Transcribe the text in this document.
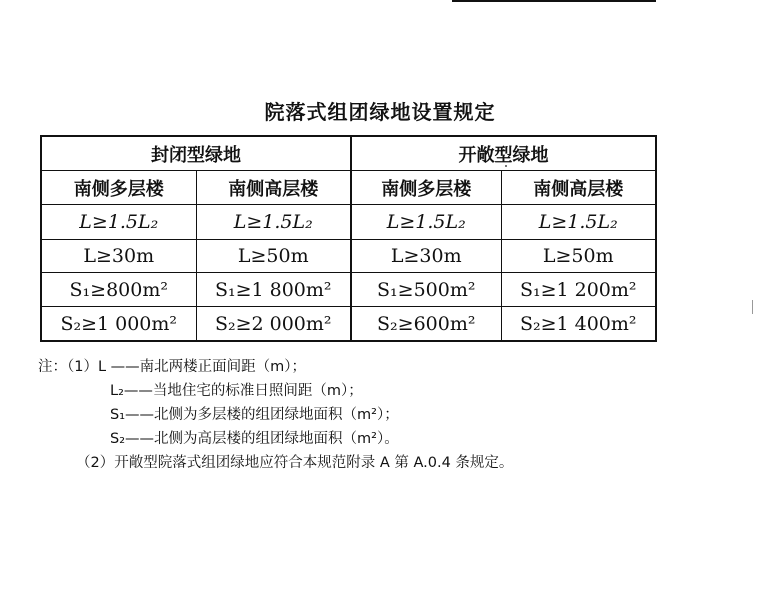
院落式组团绿地设置规定
封闭型绿地		开敞型绿地	
南侧多层楼	南侧高层楼	南侧多层楼	南侧高层楼
L≥1.5L₂	L≥1.5L₂	L≥1.5L₂	L≥1.5L₂
L≥30m	L≥50m	L≥30m	L≥50m
S₁≥800m²	S₁≥1 800m²	S₁≥500m²	S₁≥1 200m²
S₂≥1 000m²	S₂≥2 000m²	S₂≥600m²	S₂≥1 400m²
注：（1）L ——南北两楼正面间距（m）；
L₂——当地住宅的标准日照间距（m）；
S₁——北侧为多层楼的组团绿地面积（m²）；
S₂——北侧为高层楼的组团绿地面积（m²）。
（2）开敞型院落式组团绿地应符合本规范附录 A 第 A.0.4 条规定。
